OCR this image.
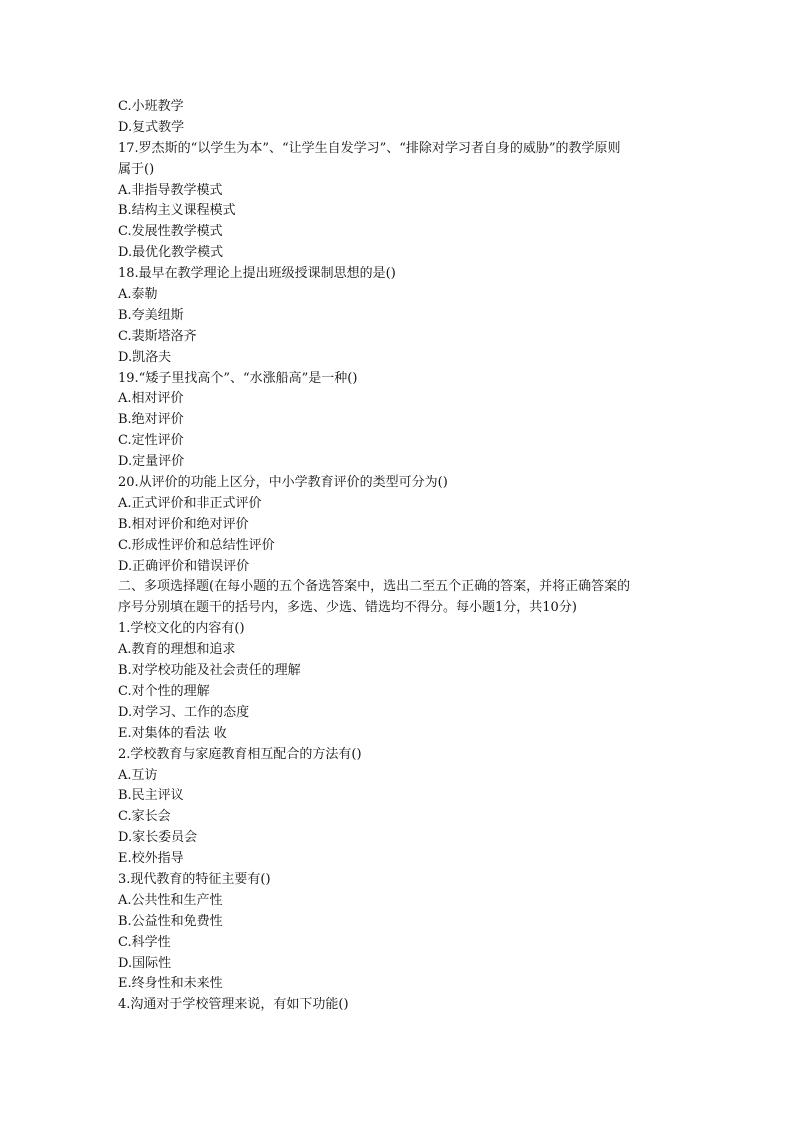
C.小班教学
D.复式教学
17.罗杰斯的“以学生为本”、“让学生自发学习”、“排除对学习者自身的威胁”的教学原则
属于()
A.非指导教学模式
B.结构主义课程模式
C.发展性教学模式
D.最优化教学模式
18.最早在教学理论上提出班级授课制思想的是()
A.泰勒
B.夸美纽斯
C.裴斯塔洛齐
D.凯洛夫
19.“矮子里找高个”、“水涨船高”是一种()
A.相对评价
B.绝对评价
C.定性评价
D.定量评价
20.从评价的功能上区分，中小学教育评价的类型可分为()
A.正式评价和非正式评价
B.相对评价和绝对评价
C.形成性评价和总结性评价
D.正确评价和错误评价
二、多项选择题(在每小题的五个备选答案中，选出二至五个正确的答案，并将正确答案的
序号分别填在题干的括号内，多选、少选、错选均不得分。每小题1分，共10分)
1.学校文化的内容有()
A.教育的理想和追求
B.对学校功能及社会责任的理解
C.对个性的理解
D.对学习、工作的态度
E.对集体的看法 收
2.学校教育与家庭教育相互配合的方法有()
A.互访
B.民主评议
C.家长会
D.家长委员会
E.校外指导
3.现代教育的特征主要有()
A.公共性和生产性
B.公益性和免费性
C.科学性
D.国际性
E.终身性和未来性
4.沟通对于学校管理来说，有如下功能()
